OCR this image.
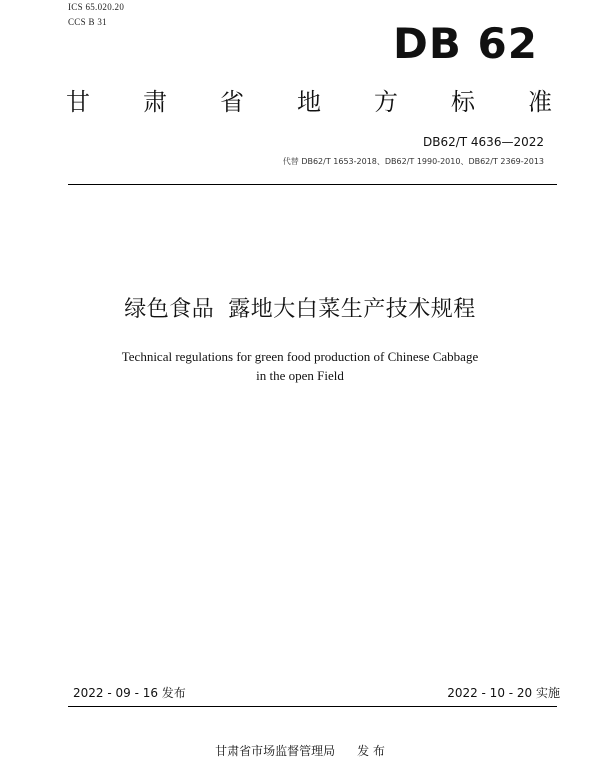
ICS 65.020.20
CCS B 31	DB 62
甘 肃 省 地 方 标 准
DB62/T 4636—2022
代替 DB62/T 1653-2018、DB62/T 1990-2010、DB62/T 2369-2013
绿色食品 露地大白菜生产技术规程
Technical regulations for green food production of Chinese Cabbage
in the open Field
2022 - 09 - 16 发布	2022 - 10 - 20 实施
甘肃省市场监督管理局 发 布
